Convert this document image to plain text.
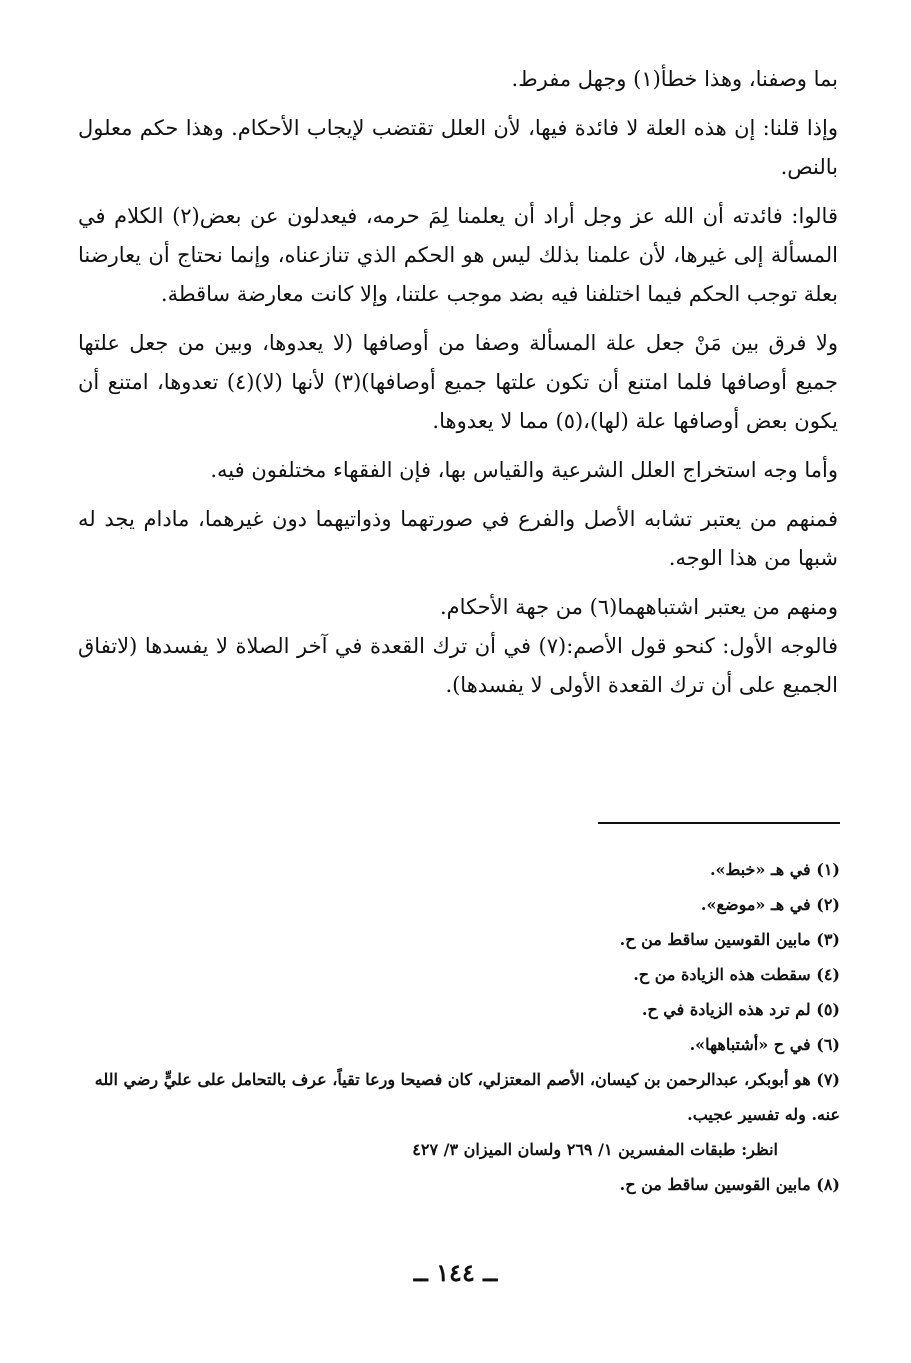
بما وصفنا، وهذا خطأ(١) وجهل مفرط.

وإذا قلنا: إن هذه العلة لا فائدة فيها، لأن العلل تقتضب لإيجاب الأحكام. وهذا حكم معلول بالنص.

قالوا: فائدته أن الله عز وجل أراد أن يعلمنا لِمَ حرمه، فيعدلون عن بعض(٢) الكلام في المسألة إلى غيرها، لأن علمنا بذلك ليس هو الحكم الذي تنازعناه، وإنما نحتاج أن يعارضنا بعلة توجب الحكم فيما اختلفنا فيه بضد موجب علتنا، وإلا كانت معارضة ساقطة.

ولا فرق بين مَنْ جعل علة المسألة وصفا من أوصافها (لا يعدوها، وبين من جعل علتها جميع أوصافها فلما امتنع أن تكون علتها جميع أوصافها)(٣) لأنها (لا)(٤) تعدوها، امتنع أن يكون بعض أوصافها علة (لها)،(٥) مما لا يعدوها.

وأما وجه استخراج العلل الشرعية والقياس بها، فإن الفقهاء مختلفون فيه.

فمنهم من يعتبر تشابه الأصل والفرع في صورتهما وذواتيهما دون غيرهما، مادام يجد له شبها من هذا الوجه.

ومنهم من يعتبر اشتباههما(٦) من جهة الأحكام.

فالوجه الأول: كنحو قول الأصم:(٧) في أن ترك القعدة في آخر الصلاة لا يفسدها (لاتفاق الجميع على أن ترك القعدة الأولى لا يفسدها).

(١) في هـ «خبط».
(٢) في هـ «موضع».
(٣) مابين القوسين ساقط من ح.
(٤) سقطت هذه الزيادة من ح.
(٥) لم ترد هذه الزيادة في ح.
(٦) في ح «أشتباهها».
(٧) هو أبوبكر، عبدالرحمن بن كيسان، الأصم المعتزلي، كان فصيحا ورعا تقياً، عرف بالتحامل على عليٍّ رضي الله عنه. وله تفسير عجيب.
انظر: طبقات المفسرين ١/ ٢٦٩ ولسان الميزان ٣/ ٤٢٧
(٨) مابين القوسين ساقط من ح.
ــ ١٤٤ ــ
